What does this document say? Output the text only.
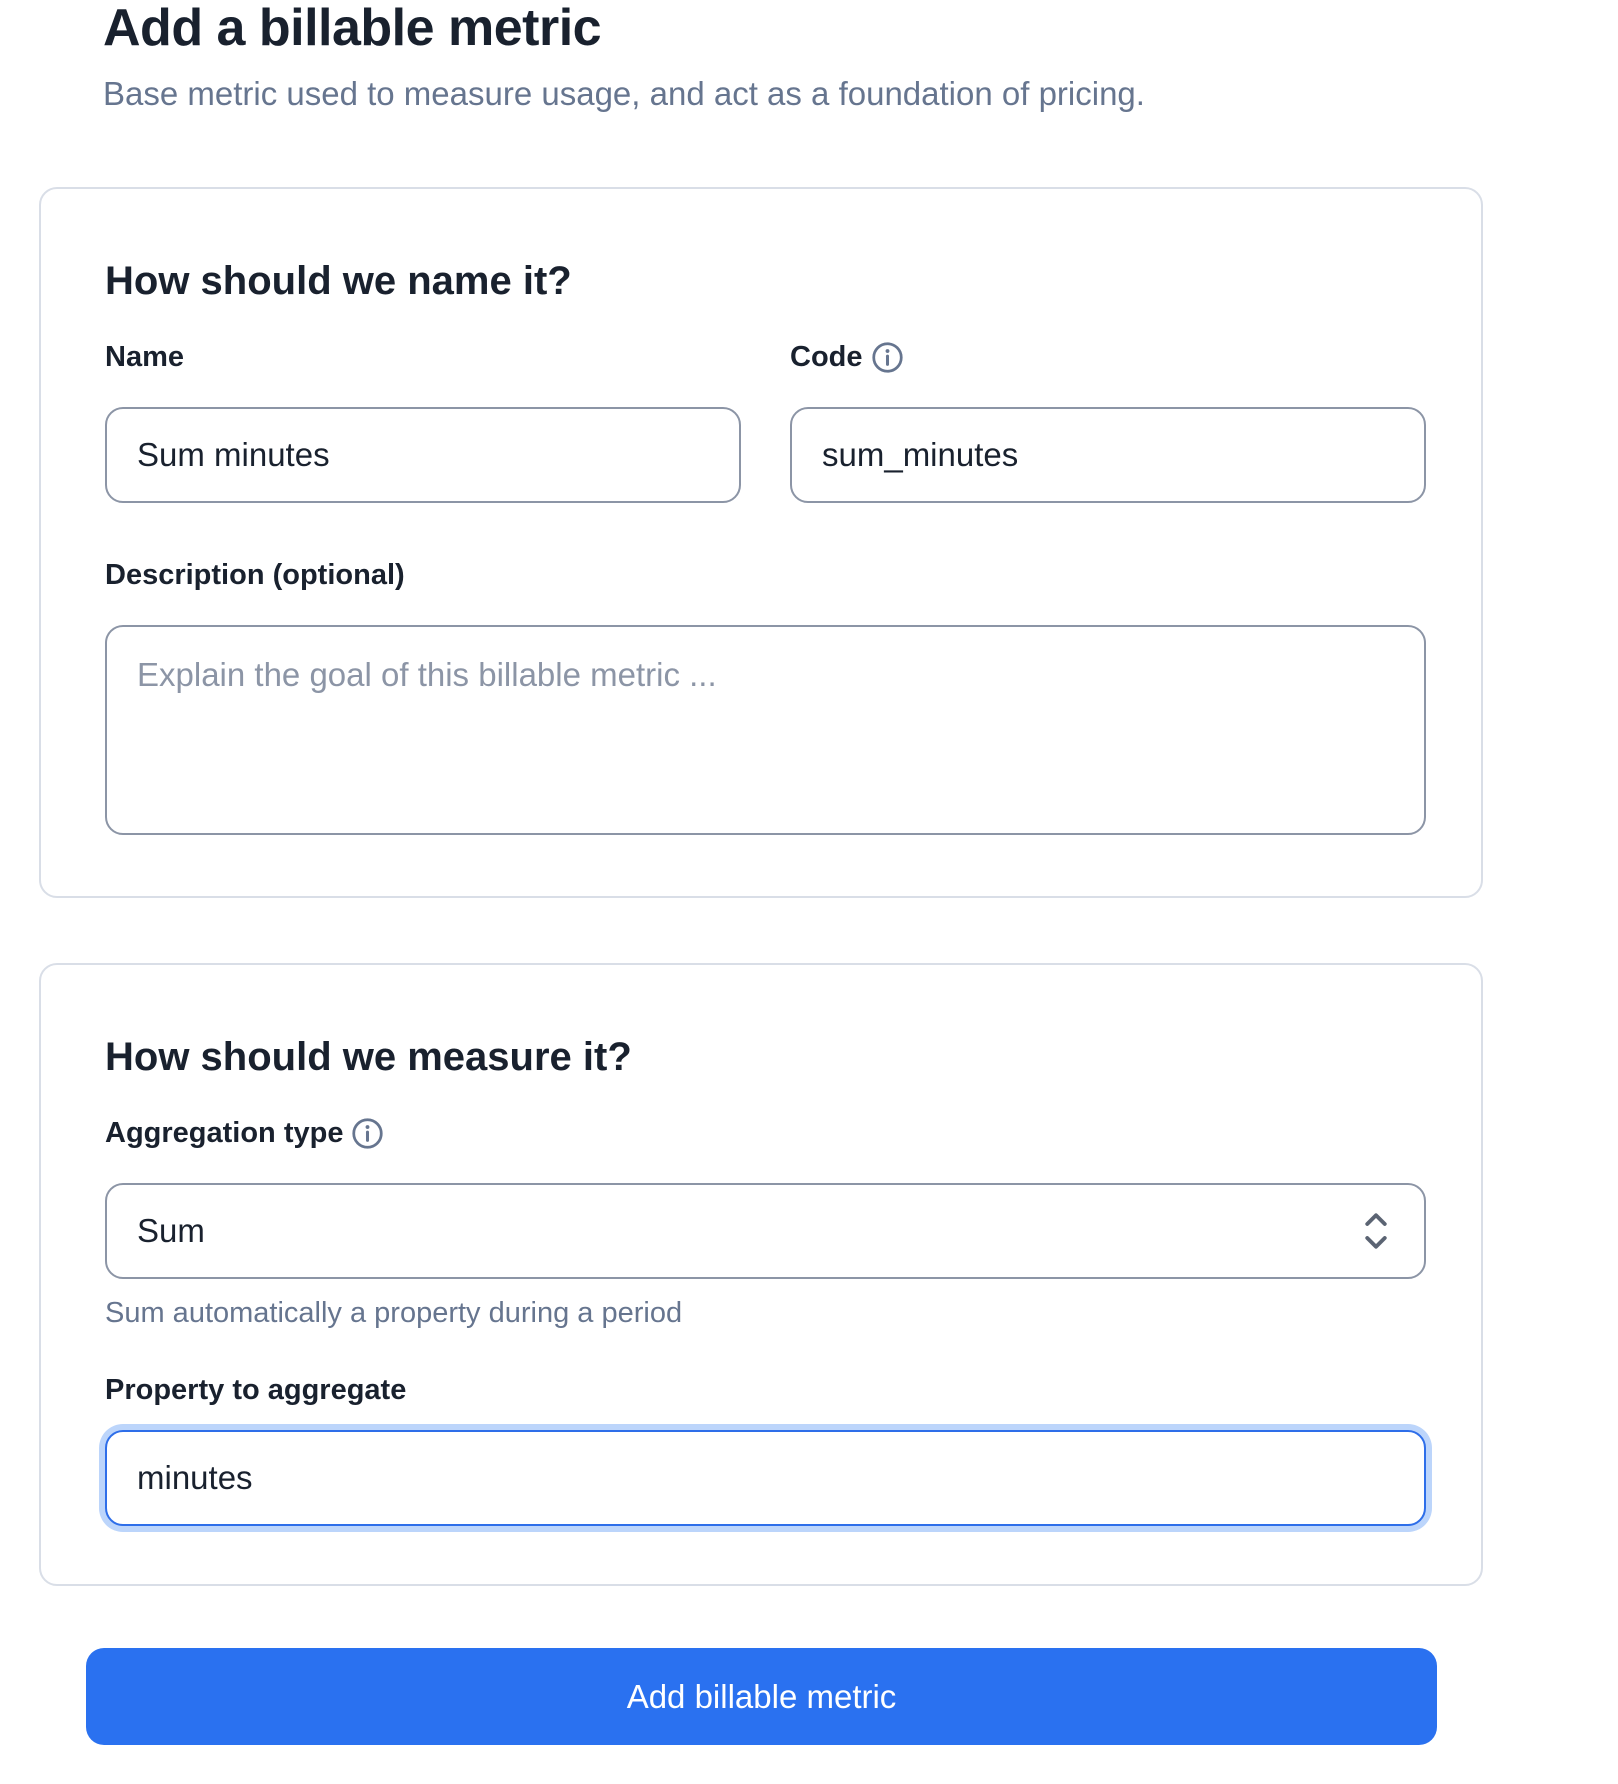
Add a billable metric

Base metric used to measure usage, and act as a foundation of pricing.

How should we name it?
Name
Sum minutes	Code
sum_minutes
Description (optional)
Explain the goal of this billable metric ...
How should we measure it?
Aggregation type
Sum

Sum automatically a property during a period

Property to aggregate
minutes
Add billable metric
